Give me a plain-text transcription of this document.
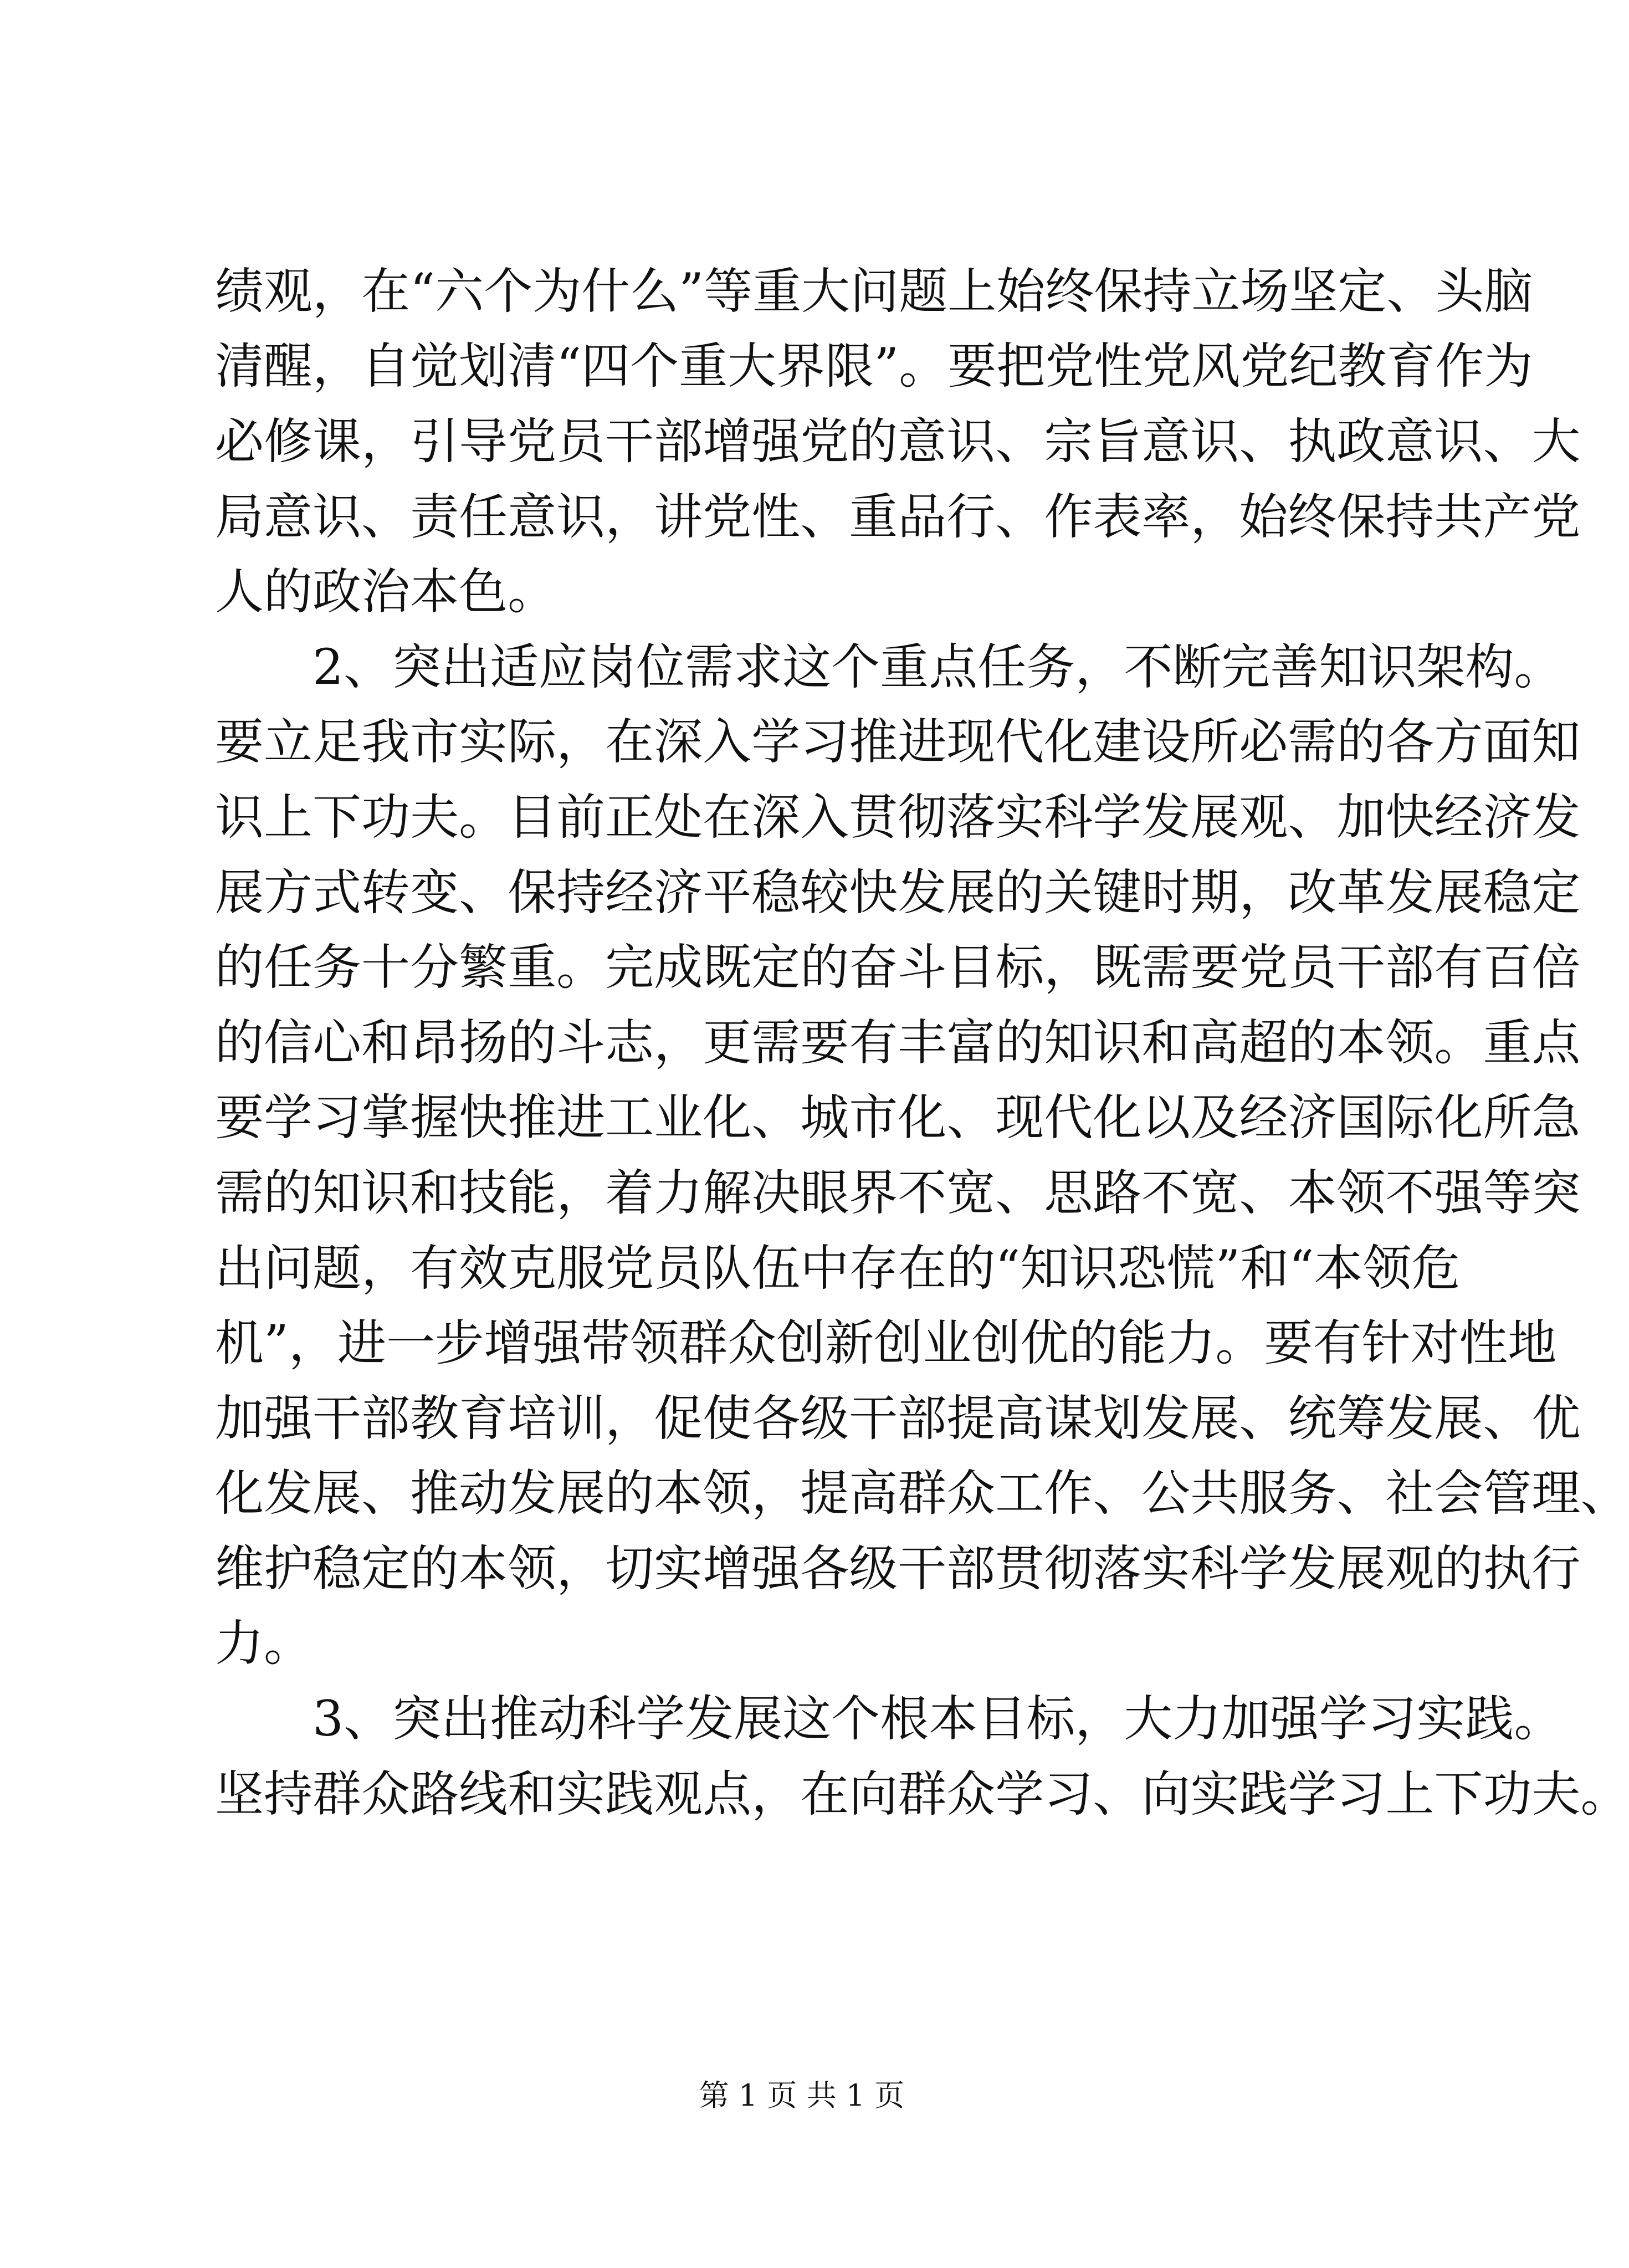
绩 观 ， 在 “ 六 个 为 什 么 ” 等 重 大 问 题 上 始 终 保 持 立 场 坚 定 、 头 脑
清 醒 ， 自 觉 划 清 “ 四 个 重 大 界 限 ” 。 要 把 党 性 党 风 党 纪 教 育 作 为
必 修 课 ， 引 导 党 员 干 部 增 强 党 的 意 识 、 宗 旨 意 识 、 执 政 意 识 、 大
局 意 识 、 责 任 意 识 ， 讲 党 性 、 重 品 行 、 作 表 率 ， 始 终 保 持 共 产 党
人 的 政 治 本 色 。
2 、 突 出 适 应 岗 位 需 求 这 个 重 点 任 务 ， 不 断 完 善 知 识 架 构 。
要 立 足 我 市 实 际 ， 在 深 入 学 习 推 进 现 代 化 建 设 所 必 需 的 各 方 面 知
识 上 下 功 夫 。 目 前 正 处 在 深 入 贯 彻 落 实 科 学 发 展 观 、 加 快 经 济 发
展 方 式 转 变 、 保 持 经 济 平 稳 较 快 发 展 的 关 键 时 期 ， 改 革 发 展 稳 定
的 任 务 十 分 繁 重 。 完 成 既 定 的 奋 斗 目 标 ， 既 需 要 党 员 干 部 有 百 倍
的 信 心 和 昂 扬 的 斗 志 ， 更 需 要 有 丰 富 的 知 识 和 高 超 的 本 领 。 重 点
要 学 习 掌 握 快 推 进 工 业 化 、 城 市 化 、 现 代 化 以 及 经 济 国 际 化 所 急
需 的 知 识 和 技 能 ， 着 力 解 决 眼 界 不 宽 、 思 路 不 宽 、 本 领 不 强 等 突
出 问 题 ， 有 效 克 服 党 员 队 伍 中 存 在 的 “ 知 识 恐 慌 ” 和 “ 本 领 危
机 ” ， 进 一 步 增 强 带 领 群 众 创 新 创 业 创 优 的 能 力 。 要 有 针 对 性 地
加 强 干 部 教 育 培 训 ， 促 使 各 级 干 部 提 高 谋 划 发 展 、 统 筹 发 展 、 优
化 发 展 、 推 动 发 展 的 本 领 ， 提 高 群 众 工 作 、 公 共 服 务 、 社 会 管 理 、
维 护 稳 定 的 本 领 ， 切 实 增 强 各 级 干 部 贯 彻 落 实 科 学 发 展 观 的 执 行
力 。
3 、 突 出 推 动 科 学 发 展 这 个 根 本 目 标 ， 大 力 加 强 学 习 实 践 。
坚 持 群 众 路 线 和 实 践 观 点 ， 在 向 群 众 学 习 、 向 实 践 学 习 上 下 功 夫 。
第 1 页 共 1 页
